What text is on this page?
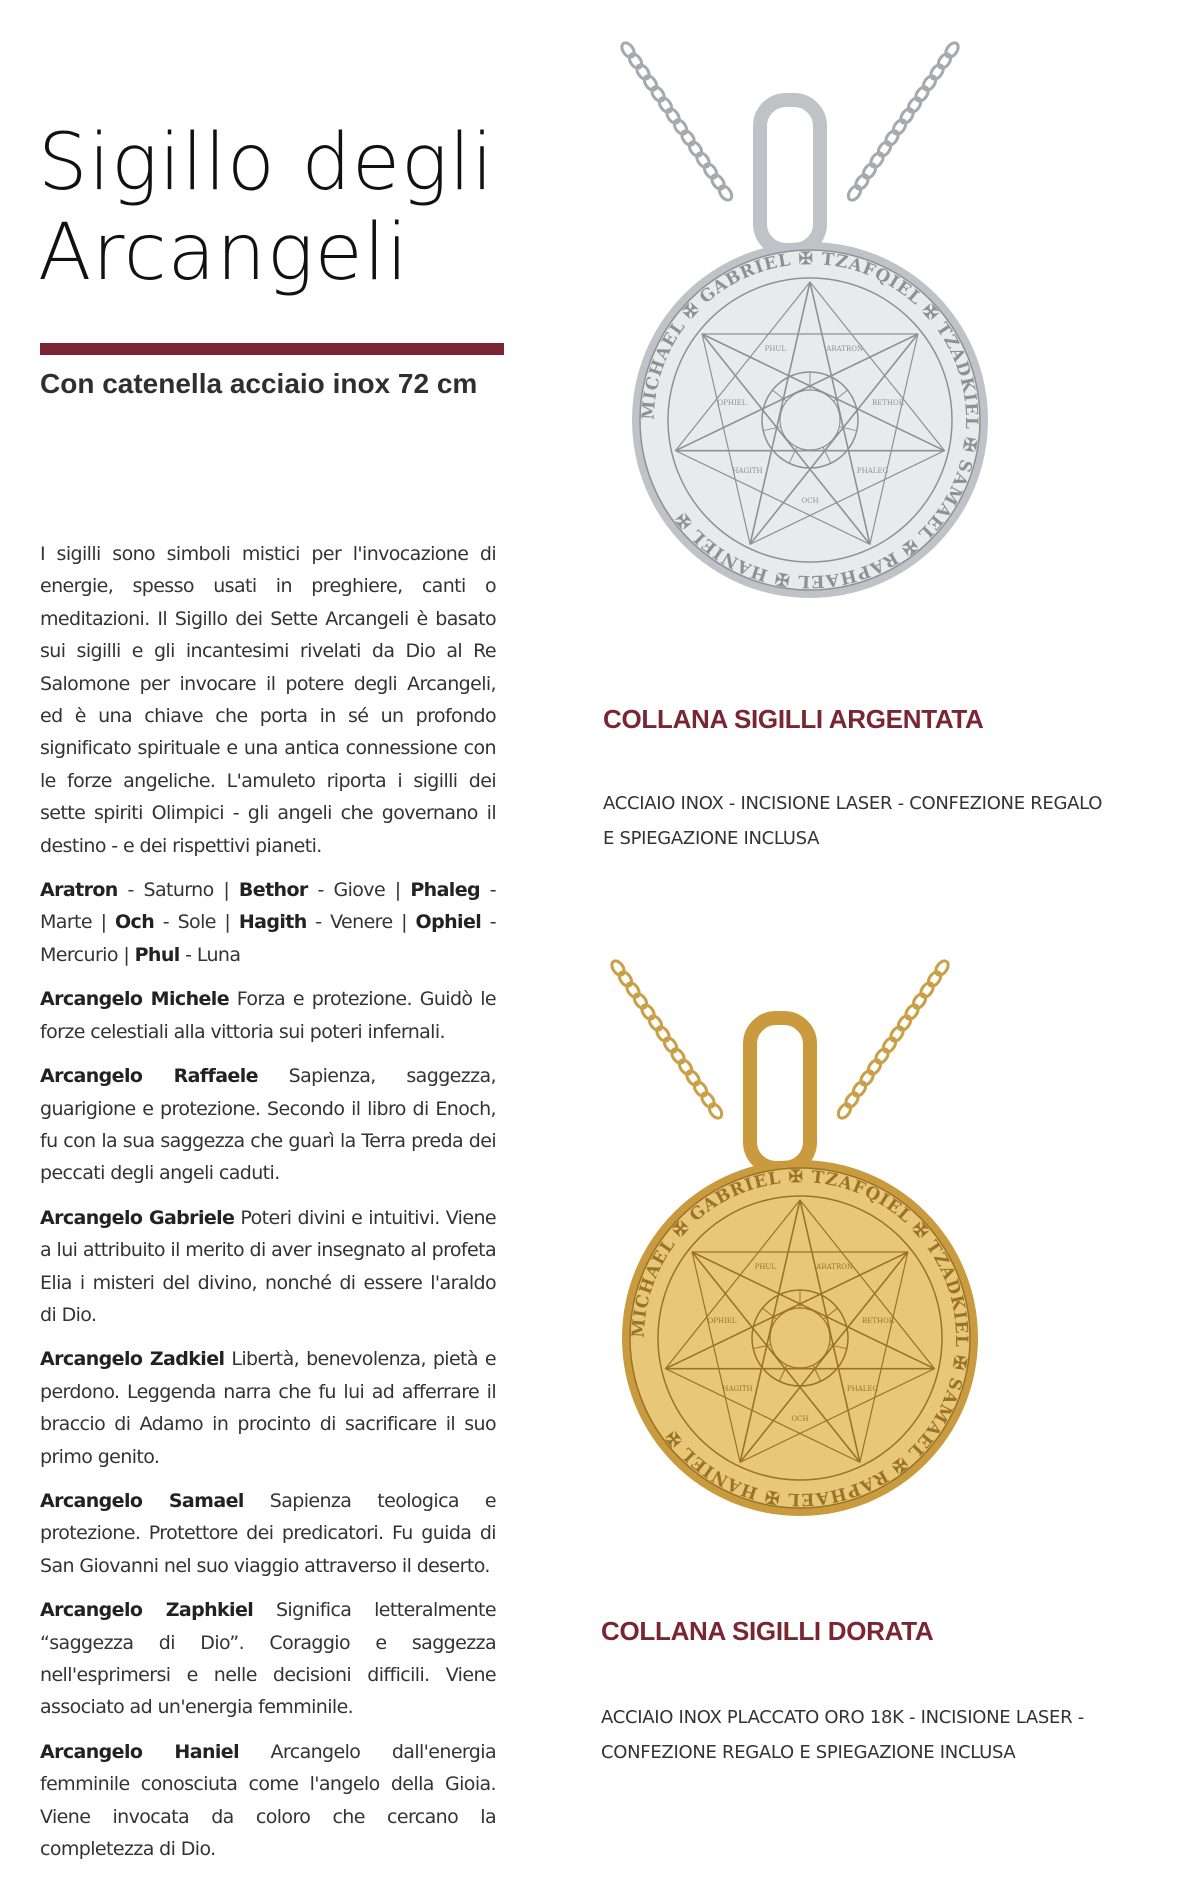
Sigillo degli
Arcangeli
Con catenella acciaio inox 72 cm

I sigilli sono simboli mistici per l'invocazione di energie, spesso usati in preghiere, canti o meditazioni. Il Sigillo dei Sette Arcangeli è basato sui sigilli e gli incantesimi rivelati da Dio al Re Salomone per invocare il potere degli Arcangeli, ed è una chiave che porta in sé un profondo significato spirituale e una antica connessione con le forze angeliche. L'amuleto riporta i sigilli dei sette spiriti Olimpici - gli angeli che governano il destino - e dei rispettivi pianeti.

Aratron - Saturno | Bethor - Giove | Phaleg - Marte | Och - Sole | Hagith - Venere | Ophiel - Mercurio | Phul - Luna

Arcangelo Michele Forza e protezione. Guidò le forze celestiali alla vittoria sui poteri infernali.

Arcangelo Raffaele Sapienza, saggezza, guarigione e protezione. Secondo il libro di Enoch, fu con la sua saggezza che guarì la Terra preda dei peccati degli angeli caduti.

Arcangelo Gabriele Poteri divini e intuitivi. Viene a lui attribuito il merito di aver insegnato al profeta Elia i misteri del divino, nonché di essere l'araldo di Dio.

Arcangelo Zadkiel Libertà, benevolenza, pietà e perdono. Leggenda narra che fu lui ad afferrare il braccio di Adamo in procinto di sacrificare il suo primo genito.

Arcangelo Samael Sapienza teologica e protezione. Protettore dei predicatori. Fu guida di San Giovanni nel suo viaggio attraverso il deserto.

Arcangelo Zaphkiel Significa letteralmente “saggezza di Dio”. Coraggio e saggezza nell'esprimersi e nelle decisioni difficili. Viene associato ad un'energia femminile.

Arcangelo Haniel Arcangelo dall'energia femminile conosciuta come l'angelo della Gioia. Viene invocata da coloro che cercano la completezza di Dio.

MICHAEL ✠ GABRIEL ✠ TZAFQIEL ✠ TZADKIEL ✠ SAMAEL ✠ RAPHAEL ✠ HANIEL ✠
ARATRON
BETHOR
PHALEG
OCH
HAGITH
OPHIEL
PHUL
COLLANA SIGILLI ARGENTATA

ACCIAIO INOX - INCISIONE LASER - CONFEZIONE REGALO
E SPIEGAZIONE INCLUSA

MICHAEL ✠ GABRIEL ✠ TZAFQIEL ✠ TZADKIEL ✠ SAMAEL ✠ RAPHAEL ✠ HANIEL ✠
ARATRON
BETHOR
PHALEG
OCH
HAGITH
OPHIEL
PHUL
COLLANA SIGILLI DORATA

ACCIAIO INOX PLACCATO ORO 18K - INCISIONE LASER -
CONFEZIONE REGALO E SPIEGAZIONE INCLUSA
